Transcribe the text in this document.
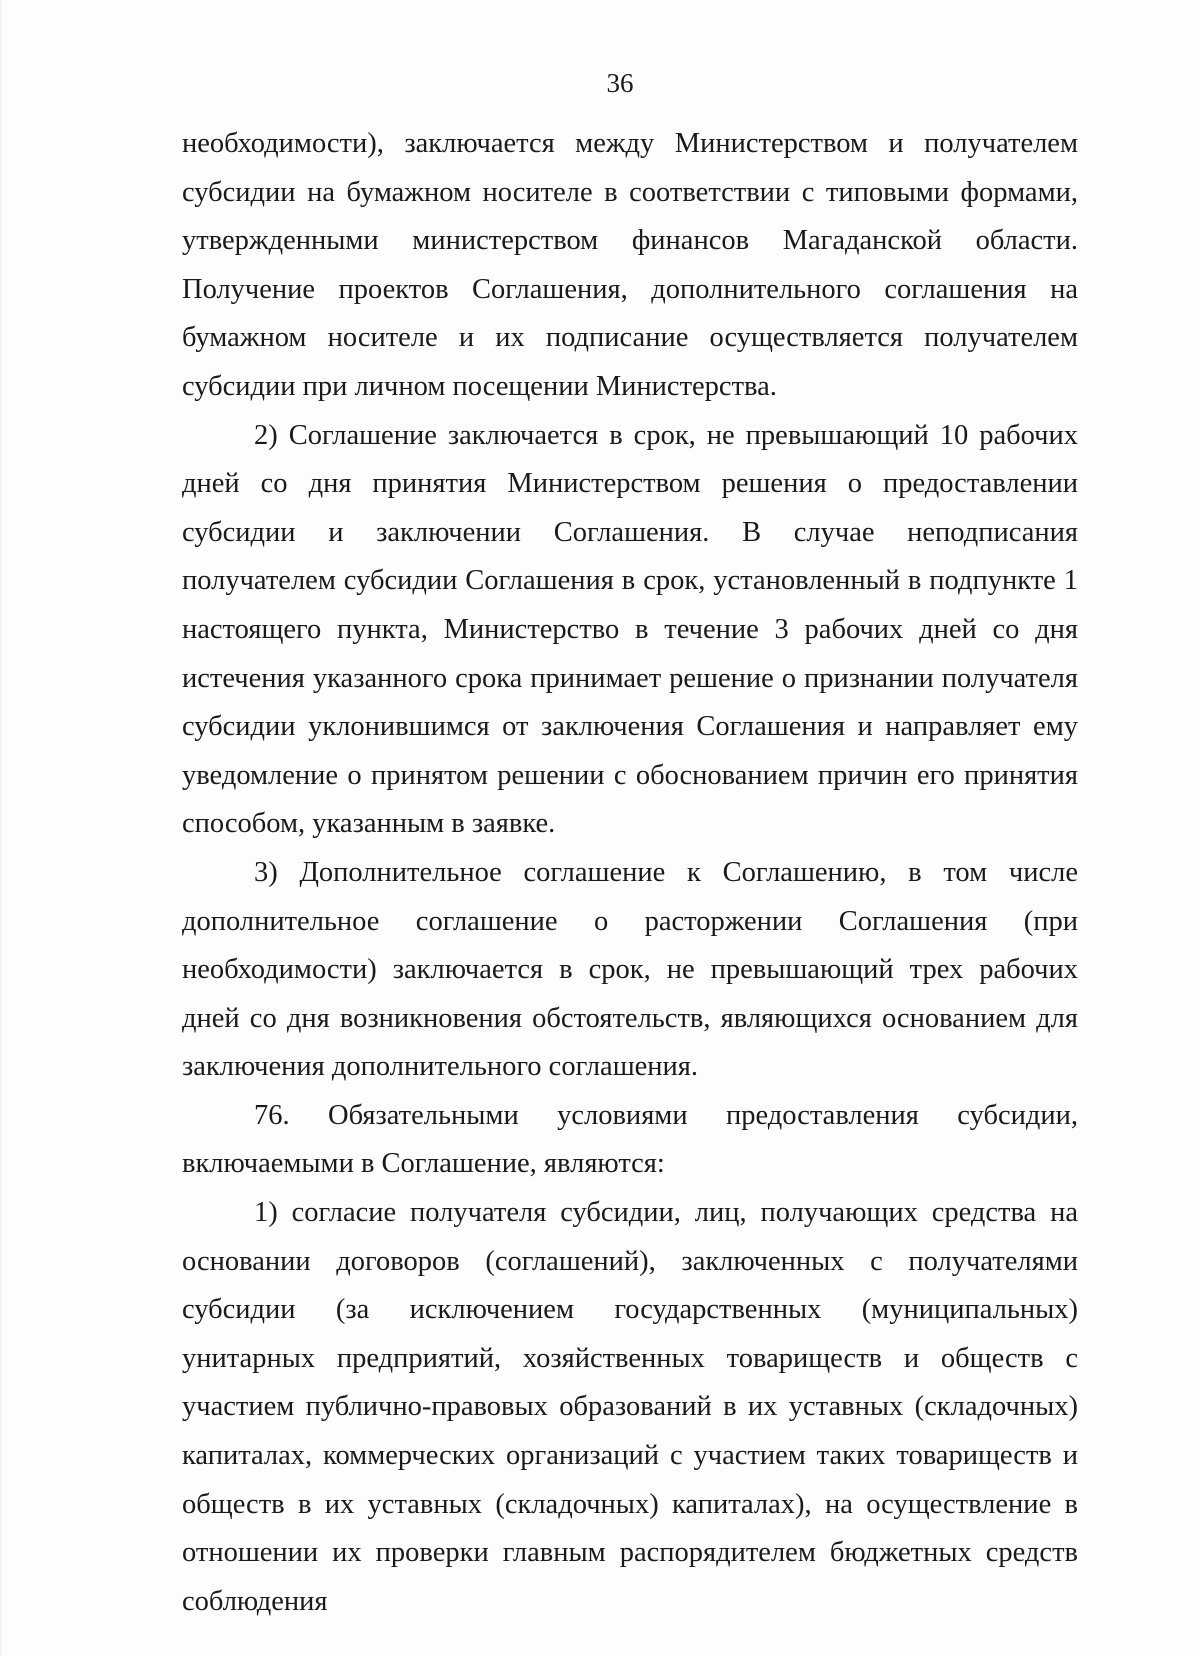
36

необходимости), заключается между Министерством и получателем субсидии на бумажном носителе в соответствии с типовыми формами, утвержденными министерством финансов Магаданской области. Получение проектов Соглашения, дополнительного соглашения на бумажном носителе и их подписание осуществляется получателем субсидии при личном посещении Министерства.

2) Соглашение заключается в срок, не превышающий 10 рабочих дней со дня принятия Министерством решения о предоставлении субсидии и заключении Соглашения. В случае неподписания получателем субсидии Соглашения в срок, установленный в подпункте 1 настоящего пункта, Министерство в течение 3 рабочих дней со дня истечения указанного срока принимает решение о признании получателя субсидии уклонившимся от заключения Соглашения и направляет ему уведомление о принятом решении с обоснованием причин его принятия способом, указанным в заявке.

3) Дополнительное соглашение к Соглашению, в том числе дополнительное соглашение о расторжении Соглашения (при необходимости) заключается в срок, не превышающий трех рабочих дней со дня возникновения обстоятельств, являющихся основанием для заключения дополнительного соглашения.

76. Обязательными условиями предоставления субсидии, включаемыми в Соглашение, являются:

1) согласие получателя субсидии, лиц, получающих средства на основании договоров (соглашений), заключенных с получателями субсидии (за исключением государственных (муниципальных) унитарных предприятий, хозяйственных товариществ и обществ с участием публично-правовых образований в их уставных (складочных) капиталах, коммерческих организаций с участием таких товариществ и обществ в их уставных (складочных) капиталах), на осуществление в отношении их проверки главным распорядителем бюджетных средств соблюдения
